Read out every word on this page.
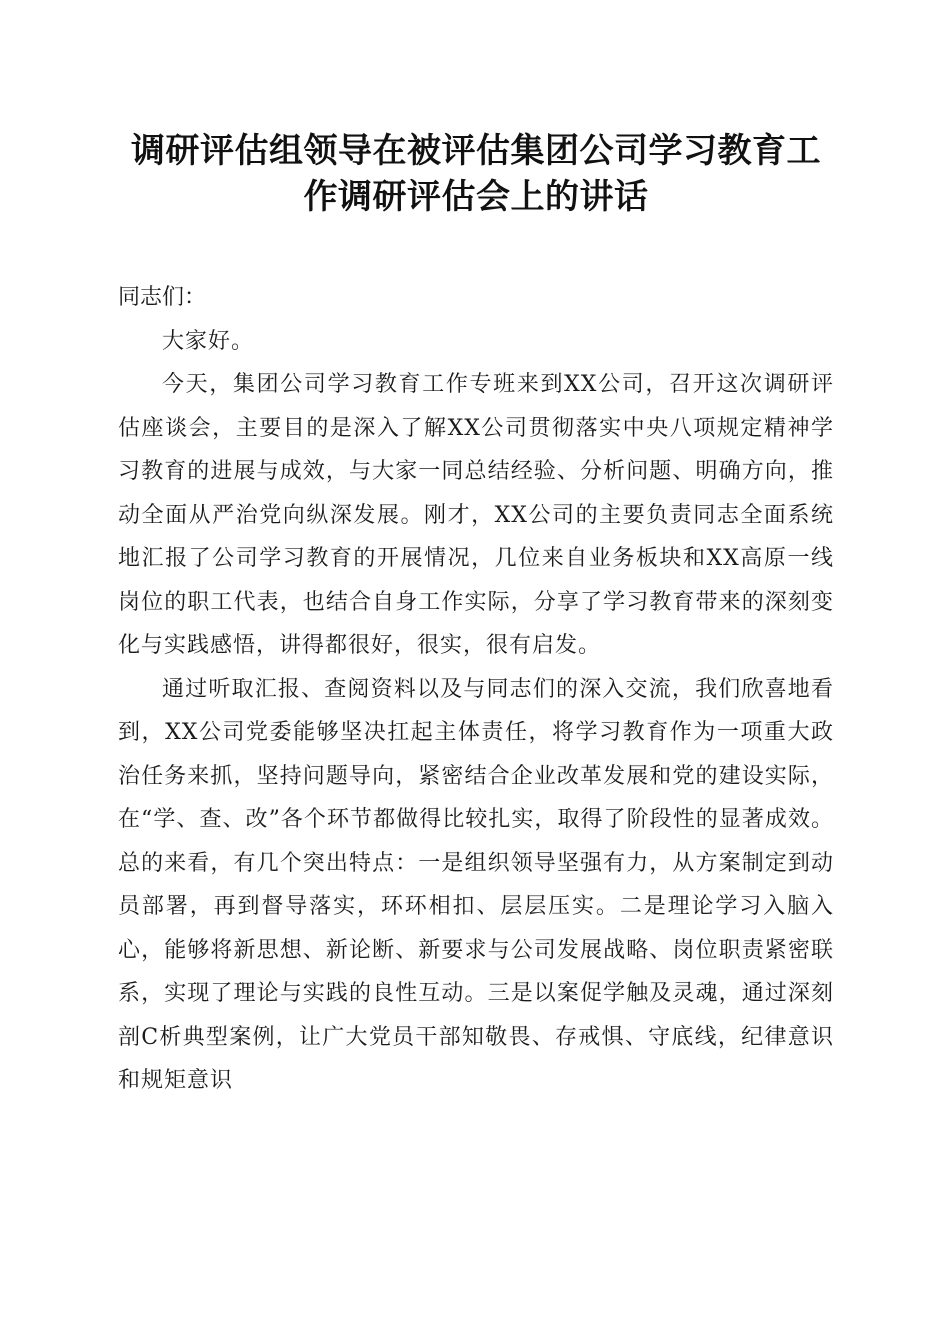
调研评估组领导在被评估集团公司学习教育工
作调研评估会上的讲话

同志们：

大家好。

今天，集团公司学习教育工作专班来到XX公司，召开这次调研评估座谈会，主要目的是深入了解XX公司贯彻落实中央八项规定精神学习教育的进展与成效，与大家一同总结经验、分析问题、明确方向，推动全面从严治党向纵深发展。刚才，XX公司的主要负责同志全面系统地汇报了公司学习教育的开展情况，几位来自业务板块和XX高原一线岗位的职工代表，也结合自身工作实际，分享了学习教育带来的深刻变化与实践感悟，讲得都很好，很实，很有启发。

通过听取汇报、查阅资料以及与同志们的深入交流，我们欣喜地看到，XX公司党委能够坚决扛起主体责任，将学习教育作为一项重大政治任务来抓，坚持问题导向，紧密结合企业改革发展和党的建设实际，在“学、查、改”各个环节都做得比较扎实，取得了阶段性的显著成效。总的来看，有几个突出特点：一是组织领导坚强有力，从方案制定到动员部署，再到督导落实，环环相扣、层层压实。二是理论学习入脑入心，能够将新思想、新论断、新要求与公司发展战略、岗位职责紧密联系，实现了理论与实践的良性互动。三是以案促学触及灵魂，通过深刻剖C析典型案例，让广大党员干部知敬畏、存戒惧、守底线，纪律意识和规矩意识
